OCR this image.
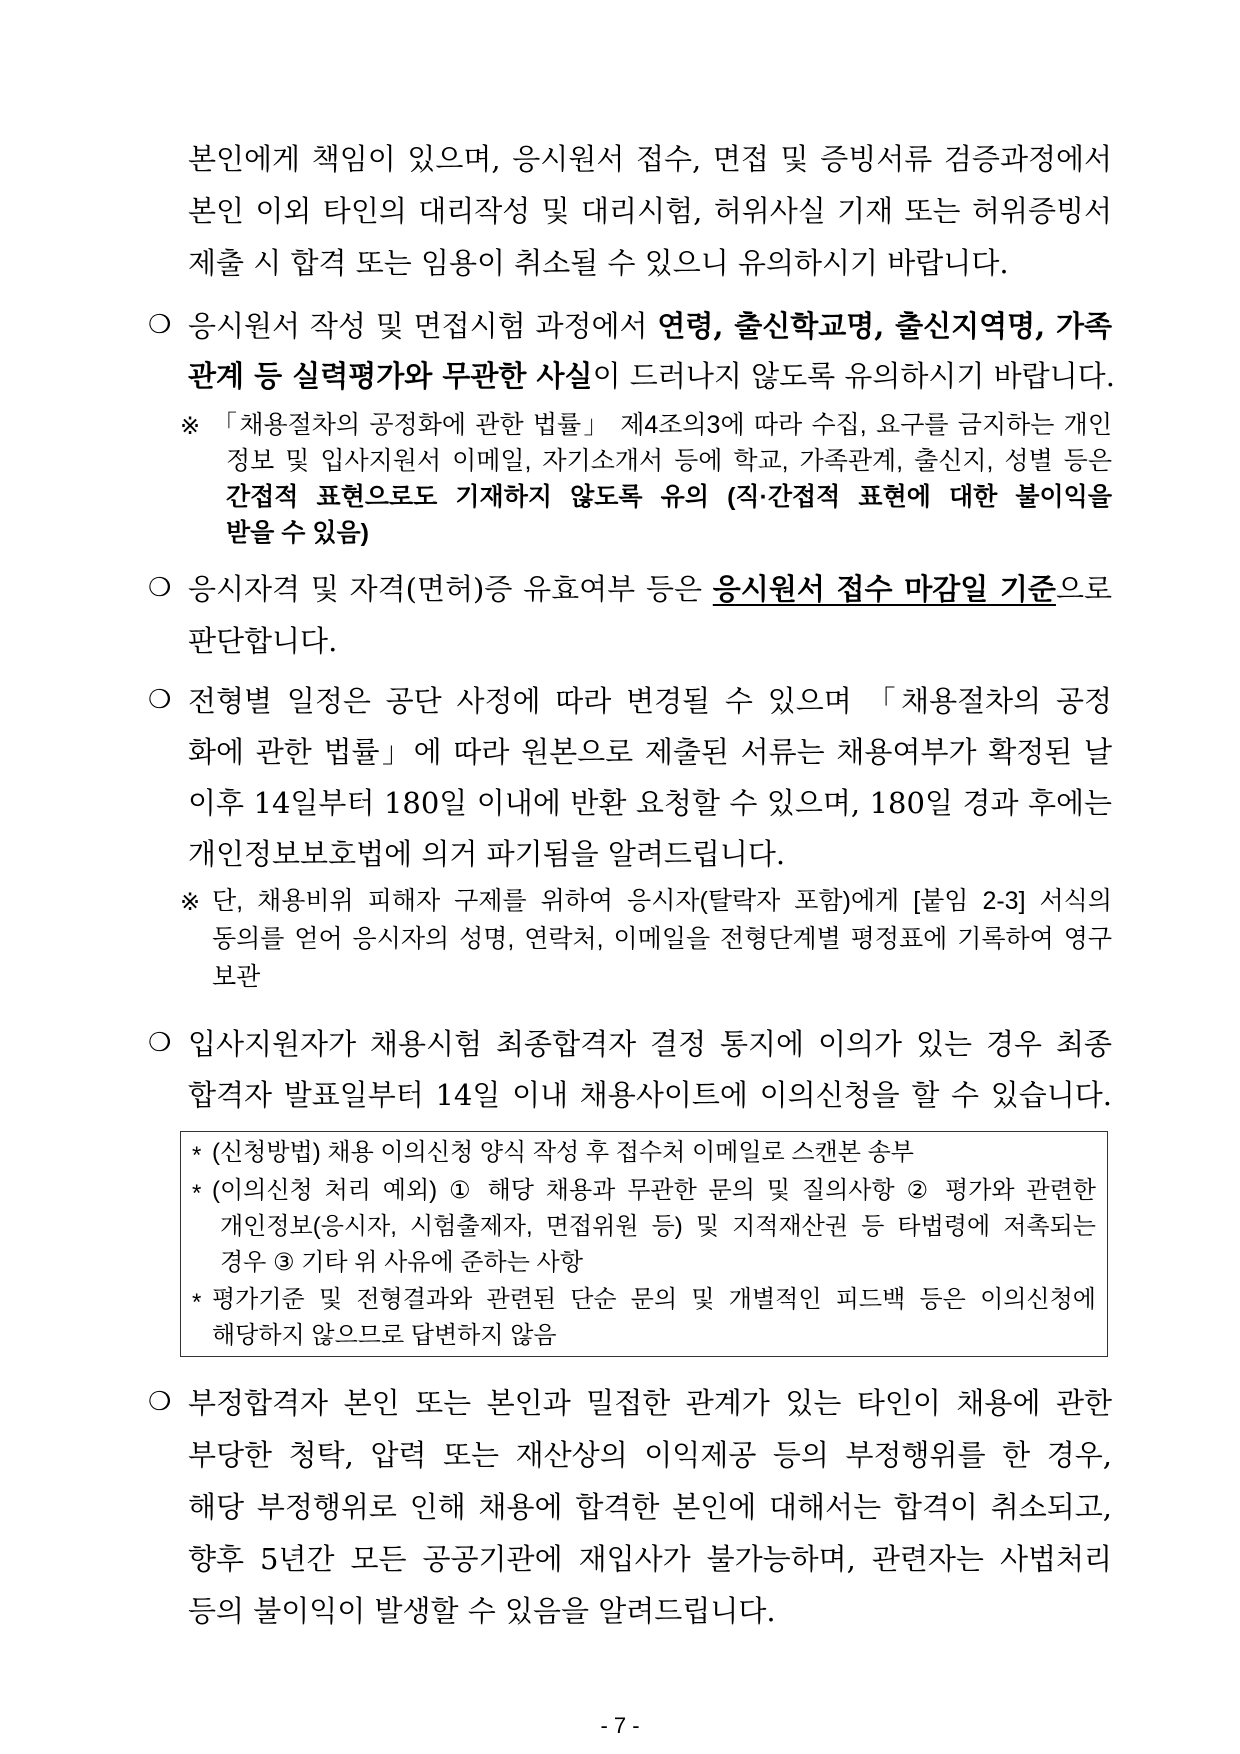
본인에게 책임이 있으며, 응시원서 접수, 면접 및 증빙서류 검증과정에서
본인 이외 타인의 대리작성 및 대리시험, 허위사실 기재 또는 허위증빙서
제출 시 합격 또는 임용이 취소될 수 있으니 유의하시기 바랍니다.
❍ 응시원서 작성 및 면접시험 과정에서 연령, 출신학교명, 출신지역명, 가족
관계 등 실력평가와 무관한 사실이 드러나지 않도록 유의하시기 바랍니다.
※ 「채용절차의 공정화에 관한 법률」 제4조의3에 따라 수집, 요구를 금지하는 개인
정보 및 입사지원서 이메일, 자기소개서 등에 학교, 가족관계, 출신지, 성별 등은
간접적 표현으로도 기재하지 않도록 유의 (직·간접적 표현에 대한 불이익을
받을 수 있음)
❍ 응시자격 및 자격(면허)증 유효여부 등은 응시원서 접수 마감일 기준으로
판단합니다.
❍ 전형별 일정은 공단 사정에 따라 변경될 수 있으며 「채용절차의 공정
화에 관한 법률」에 따라 원본으로 제출된 서류는 채용여부가 확정된 날
이후 14일부터 180일 이내에 반환 요청할 수 있으며, 180일 경과 후에는
개인정보보호법에 의거 파기됨을 알려드립니다.
※ 단, 채용비위 피해자 구제를 위하여 응시자(탈락자 포함)에게 [붙임 2-3] 서식의
동의를 얻어 응시자의 성명, 연락처, 이메일을 전형단계별 평정표에 기록하여 영구
보관
❍ 입사지원자가 채용시험 최종합격자 결정 통지에 이의가 있는 경우 최종
합격자 발표일부터 14일 이내 채용사이트에 이의신청을 할 수 있습니다.
* (신청방법) 채용 이의신청 양식 작성 후 접수처 이메일로 스캔본 송부
* (이의신청 처리 예외) ① 해당 채용과 무관한 문의 및 질의사항 ② 평가와 관련한
개인정보(응시자, 시험출제자, 면접위원 등) 및 지적재산권 등 타법령에 저촉되는
경우 ③ 기타 위 사유에 준하는 사항
* 평가기준 및 전형결과와 관련된 단순 문의 및 개별적인 피드백 등은 이의신청에
해당하지 않으므로 답변하지 않음
❍ 부정합격자 본인 또는 본인과 밀접한 관계가 있는 타인이 채용에 관한
부당한 청탁, 압력 또는 재산상의 이익제공 등의 부정행위를 한 경우,
해당 부정행위로 인해 채용에 합격한 본인에 대해서는 합격이 취소되고,
향후 5년간 모든 공공기관에 재입사가 불가능하며, 관련자는 사법처리
등의 불이익이 발생할 수 있음을 알려드립니다.
- 7 -
